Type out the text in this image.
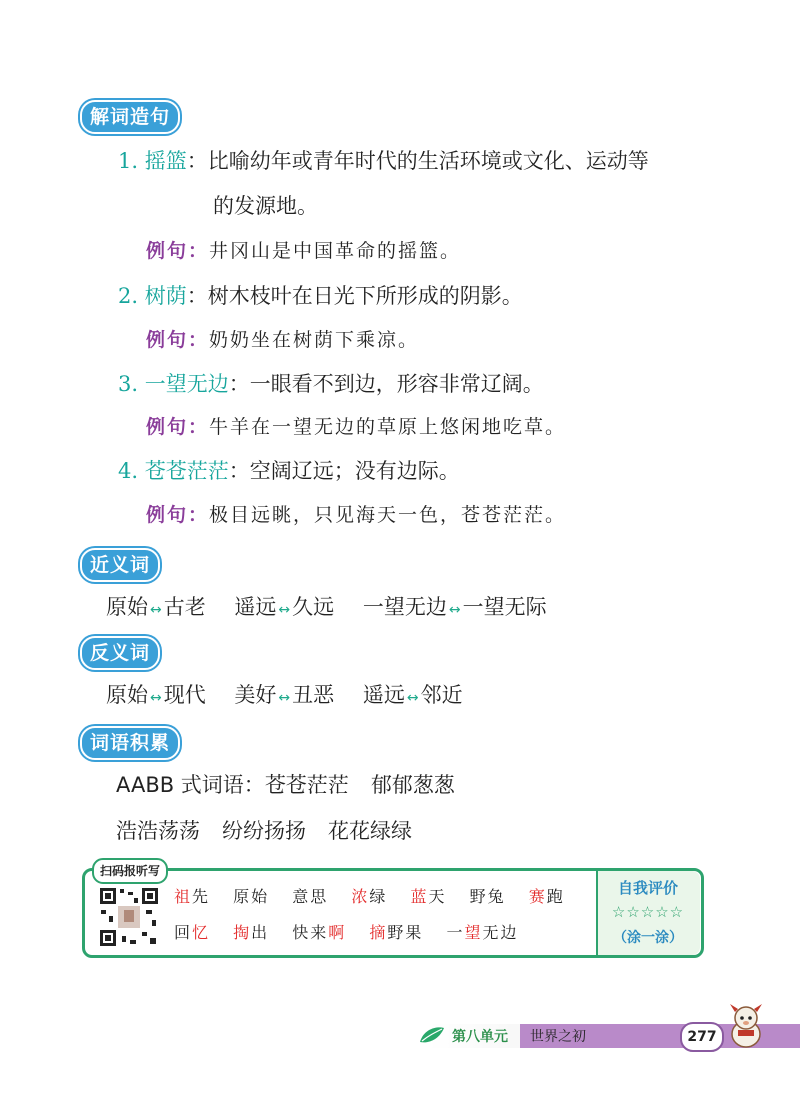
解词造句
1. 摇篮：比喻幼年或青年时代的生活环境或文化、运动等
的发源地。
例句：井冈山是中国革命的摇篮。
2. 树荫：树木枝叶在日光下所形成的阴影。
例句：奶奶坐在树荫下乘凉。
3. 一望无边：一眼看不到边，形容非常辽阔。
例句：牛羊在一望无边的草原上悠闲地吃草。
4. 苍苍茫茫：空阔辽远；没有边际。
例句：极目远眺，只见海天一色，苍苍茫茫。
近义词
原始 ↔古老 遥远 ↔久远 一望无边 ↔一望无际
反义词
原始 ↔现代 美好 ↔丑恶 遥远 ↔邻近
词语积累
AABB 式词语：苍苍茫茫 郁郁葱葱
浩浩荡荡 纷纷扬扬 花花绿绿
扫码报听写
祖先 原始 意思 浓绿 蓝天 野兔 赛跑
回忆 掏出 快来啊 摘野果 一望无边
自我评价
☆☆☆☆☆
（涂一涂）
第八单元 世界之初	277
